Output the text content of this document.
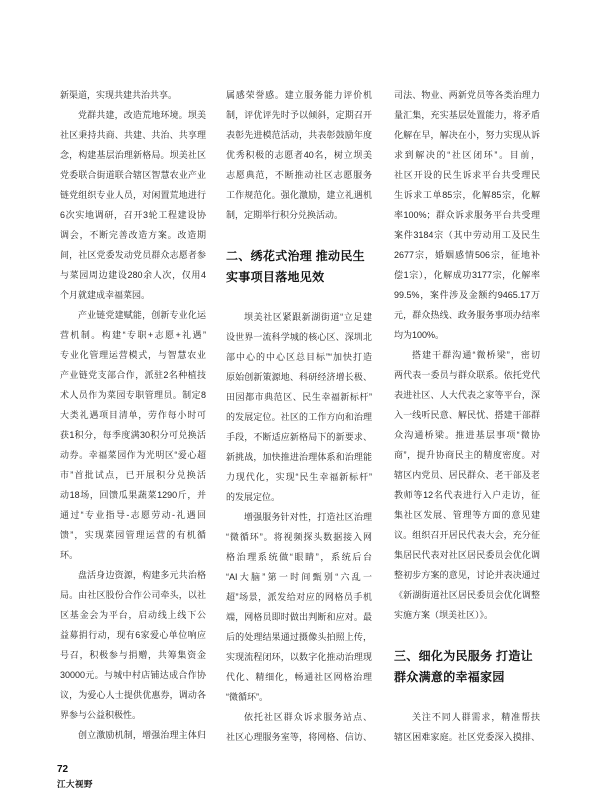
新渠道，实现共建共治共享。
党群共建，改造荒地环境。坝美
社区秉持共商、共建、共治、共享理
念，构建基层治理新格局。坝美社区
党委联合街道联合辖区智慧农业产业
链党组织专业人员，对闲置荒地进行
6次实地调研，召开3轮工程建设协
调会，不断完善改造方案。改造期
间，社区党委发动党员群众志愿者参
与菜园周边建设280余人次，仅用4
个月就建成幸福菜园。
产业链党建赋能，创新专业化运
营机制。构建“专职+志愿+礼遇”
专业化管理运营模式，与智慧农业
产业链党支部合作，派驻2名种植技
术人员作为菜园专职管理员。制定8
大类礼遇项目清单，劳作每小时可
获1积分，每季度满30积分可兑换活
动券。幸福菜园作为光明区“爱心超
市”首批试点，已开展积分兑换活
动18场，回馈瓜果蔬菜1290斤，并
通过“专业指导-志愿劳动-礼遇回
馈”，实现菜园管理运营的有机循
环。
盘活身边资源，构建多元共治格
局。由社区股份合作公司牵头，以社
区基金会为平台，启动线上线下公
益募捐行动，现有6家爱心单位响应
号召，积极参与捐赠，共筹集资金
30000元。与城中村店铺达成合作协
议，为爱心人士提供优惠券，调动各
界参与公益积极性。
创立激励机制，增强治理主体归
属感荣誉感。建立服务能力评价机
制，评优评先时予以倾斜，定期召开
表彰先进模范活动，共表彰鼓励年度
优秀积极的志愿者40名，树立坝美
志愿典范，不断推动社区志愿服务
工作规范化。强化激励，建立礼遇机
制，定期举行积分兑换活动。
二、绣花式治理 推动民生
实事项目落地见效
坝美社区紧跟新湖街道“立足建
设世界一流科学城的核心区、深圳北
部中心的中心区总目标”“加快打造
原始创新策源地、科研经济增长极、
田园都市典范区、民生幸福新标杆”
的发展定位。社区的工作方向和治理
手段，不断适应新格局下的新要求、
新挑战，加快推进治理体系和治理能
力现代化，实现“民生幸福新标杆”
的发展定位。
增强服务针对性，打造社区治理
“微循环”。将视频探头数据接入网
格治理系统做“眼睛”，系统后台
“AI大脑”第一时间甄别“六乱一
超”场景，派发给对应的网格员手机
端，网格员即时做出判断和应对。最
后的处理结果通过摄像头拍照上传，
实现流程闭环，以数字化推动治理现
代化、精细化，畅通社区网格治理
“微循环”。
依托社区群众诉求服务站点、
社区心理服务室等，将网格、信访、
司法、物业、两新党员等各类治理力
量汇集，充实基层处置能力，将矛盾
化解在早，解决在小，努力实现从诉
求到解决的“社区闭环”。目前，
社区开设的民生诉求平台共受理民
生诉求工单85宗，化解85宗，化解
率100%；群众诉求服务平台共受理
案件3184宗（其中劳动用工及民生
2677宗，婚姻感情506宗，征地补
偿1宗），化解成功3177宗，化解率
99.5%，案件涉及金额约9465.17万
元，群众热线、政务服务事项办结率
均为100%。
搭建干群沟通“微桥梁”，密切
两代表一委员与群众联系。依托党代
表进社区、人大代表之家等平台，深
入一线听民意、解民忧、搭建干部群
众沟通桥梁。推进基层事项“微协
商”，提升协商民主的精度密度。对
辖区内党员、居民群众、老干部及老
教师等12名代表进行入户走访，征
集社区发展、管理等方面的意见建
议。组织召开居民代表大会，充分征
集居民代表对社区居民委员会优化调
整初步方案的意见，讨论并表决通过
《新湖街道社区居民委员会优化调整
实施方案（坝美社区）》。
三、细化为民服务 打造让
群众满意的幸福家园
关注不同人群需求，精准帮扶
辖区困难家庭。社区党委深入摸排、
72
江大视野
